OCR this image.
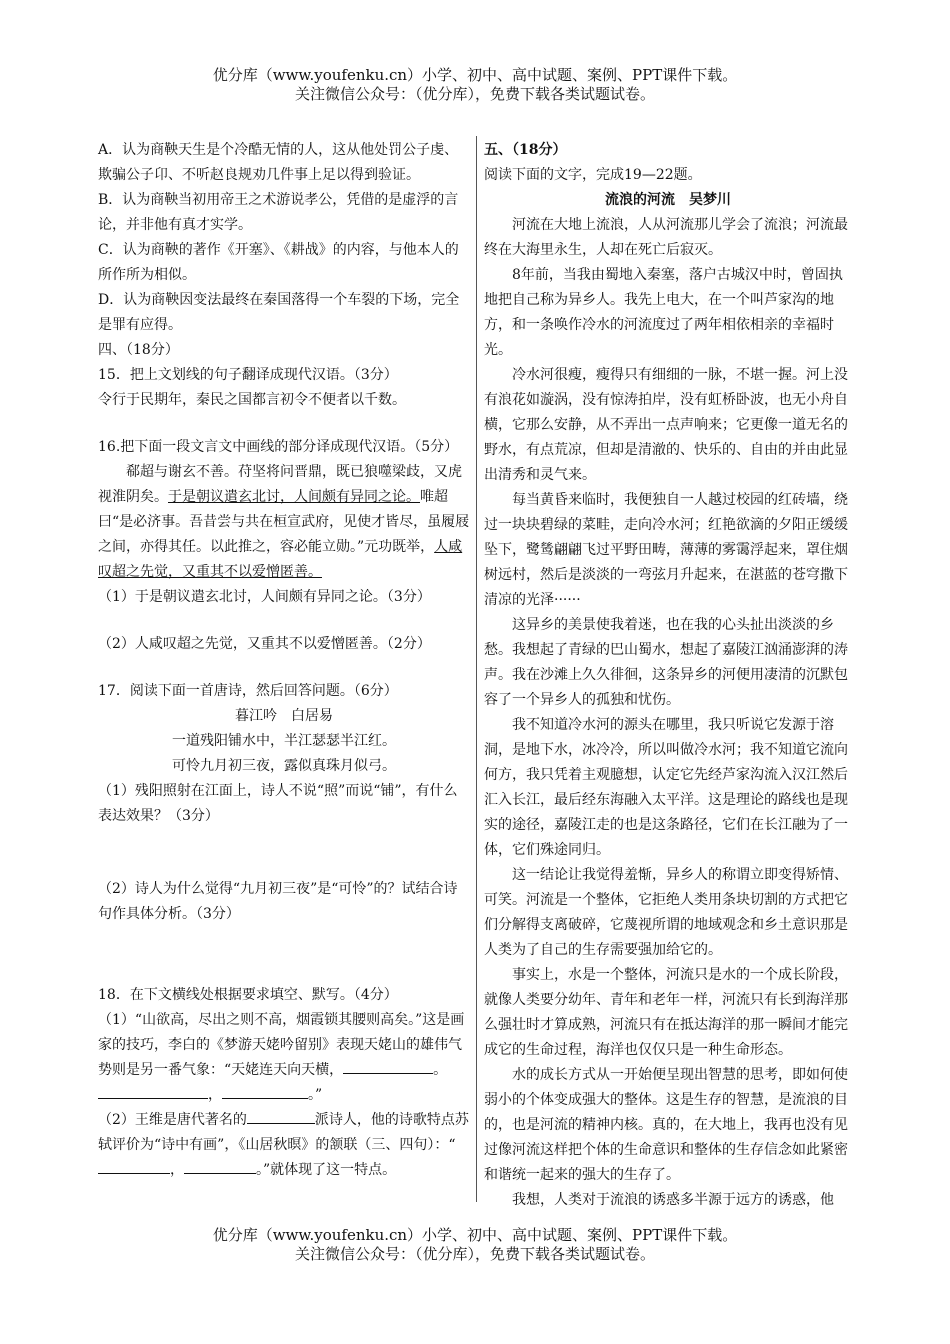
优分库（www.youfenku.cn）小学、初中、高中试题、案例、PPT课件下载。
关注微信公众号：（优分库），免费下载各类试题试卷。

A．认为商鞅天生是个冷酷无情的人，这从他处罚公子虔、欺骗公子卬、不听赵良规劝几件事上足以得到验证。

B．认为商鞅当初用帝王之术游说孝公，凭借的是虚浮的言论，并非他有真才实学。

C．认为商鞅的著作《开塞》、《耕战》的内容，与他本人的所作所为相似。

D．认为商鞅因变法最终在秦国落得一个车裂的下场，完全是罪有应得。

四、（18分）

15．把上文划线的句子翻译成现代汉语。（3分）

令行于民期年，秦民之国都言初令不便者以千数。

16.把下面一段文言文中画线的部分译成现代汉语。（5分）

郗超与谢玄不善。苻坚将问晋鼎，既已狼噬梁歧，又虎视淮阴矣。于是朝议遣玄北讨，人间颇有异同之论。唯超曰“是必济事。吾昔尝与共在桓宣武府，见使才皆尽，虽履屐之间，亦得其任。以此推之，容必能立勋。”元功既举，人咸叹超之先觉，又重其不以爱憎匿善。

（1）于是朝议遣玄北讨，人间颇有异同之论。（3分）

（2）人咸叹超之先觉，又重其不以爱憎匿善。（2分）

17．阅读下面一首唐诗，然后回答问题。（6分）

暮江吟　白居易

一道残阳铺水中，半江瑟瑟半江红。

可怜九月初三夜，露似真珠月似弓。

（1）残阳照射在江面上，诗人不说“照”而说“铺”，有什么表达效果？（3分）

（2）诗人为什么觉得“九月初三夜”是“可怜”的？试结合诗句作具体分析。（3分）

18．在下文横线处根据要求填空、默写。（4分）

（1）“山欲高，尽出之则不高，烟霞锁其腰则高矣。”这是画家的技巧，李白的《梦游天姥吟留别》表现天姥山的雄伟气势则是另一番气象：“天姥连天向天横，	。，	。”

（2）王维是唐代著名的	派诗人，他的诗歌特点苏轼评价为“诗中有画”，《山居秋暝》的颔联（三、四句）：“，	。”就体现了这一特点。

五、（18分）

阅读下面的文字，完成19—22题。

流浪的河流　吴梦川

河流在大地上流浪，人从河流那儿学会了流浪；河流最终在大海里永生，人却在死亡后寂灭。

8年前，当我由蜀地入秦塞，落户古城汉中时，曾固执地把自己称为异乡人。我先上电大，在一个叫芦家沟的地方，和一条唤作冷水的河流度过了两年相依相亲的幸福时光。

冷水河很瘦，瘦得只有细细的一脉，不堪一握。河上没有浪花如漩涡，没有惊涛拍岸，没有虹桥卧波，也无小舟自横，它那么安静，从不弄出一点声响来；它更像一道无名的野水，有点荒凉，但却是清澈的、快乐的、自由的并由此显出清秀和灵气来。

每当黄昏来临时，我便独自一人越过校园的红砖墙，绕过一块块碧绿的菜畦，走向冷水河；红艳欲滴的夕阳正缓缓坠下，鹭鸶翩翩飞过平野田畴，薄薄的雾霭浮起来，罩住烟树远村，然后是淡淡的一弯弦月升起来，在湛蓝的苍穹撒下清凉的光泽······

这异乡的美景使我着迷，也在我的心头扯出淡淡的乡愁。我想起了青绿的巴山蜀水，想起了嘉陵江汹涌澎湃的涛声。我在沙滩上久久徘徊，这条异乡的河便用凄清的沉默包容了一个异乡人的孤独和忧伤。

我不知道冷水河的源头在哪里，我只听说它发源于溶洞，是地下水，冰冷冷，所以叫做冷水河；我不知道它流向何方，我只凭着主观臆想，认定它先经芦家沟流入汉江然后汇入长江，最后经东海融入太平洋。这是理论的路线也是现实的途径，嘉陵江走的也是这条路径，它们在长江融为了一体，它们殊途同归。

这一结论让我觉得羞惭，异乡人的称谓立即变得矫情、可笑。河流是一个整体，它拒绝人类用条块切割的方式把它们分解得支离破碎，它蔑视所谓的地域观念和乡土意识那是人类为了自己的生存需要强加给它的。

事实上，水是一个整体，河流只是水的一个成长阶段，就像人类要分幼年、青年和老年一样，河流只有长到海洋那么强壮时才算成熟，河流只有在抵达海洋的那一瞬间才能完成它的生命过程，海洋也仅仅只是一种生命形态。

水的成长方式从一开始便呈现出智慧的思考，即如何使弱小的个体变成强大的整体。这是生存的智慧，是流浪的目的，也是河流的精神内核。真的，在大地上，我再也没有见过像河流这样把个体的生命意识和整体的生存信念如此紧密和谐统一起来的强大的生存了。

我想，人类对于流浪的诱惑多半源于远方的诱惑，他

优分库（www.youfenku.cn）小学、初中、高中试题、案例、PPT课件下载。
关注微信公众号：（优分库），免费下载各类试题试卷。
